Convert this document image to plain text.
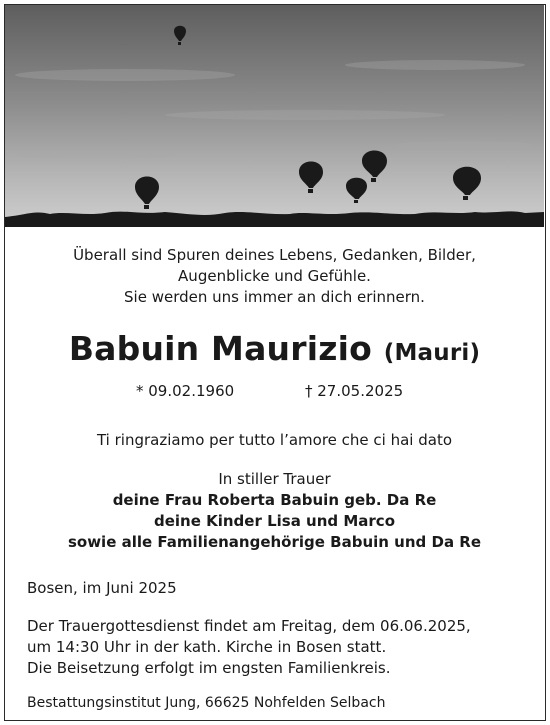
Überall sind Spuren deines Lebens, Gedanken, Bilder,
Augenblicke und Gefühle.
Sie werden uns immer an dich erinnern.
Babuin Maurizio (Mauri)
* 09.02.1960	† 27.05.2025
Ti ringraziamo per tutto l’amore che ci hai dato
In stiller Trauer
deine Frau Roberta Babuin geb. Da Re
deine Kinder Lisa und Marco
sowie alle Familienangehörige Babuin und Da Re
Bosen, im Juni 2025
Der Trauergottesdienst findet am Freitag, dem 06.06.2025,
um 14:30 Uhr in der kath. Kirche in Bosen statt.
Die Beisetzung erfolgt im engsten Familienkreis.
Bestattungsinstitut Jung, 66625 Nohfelden Selbach
